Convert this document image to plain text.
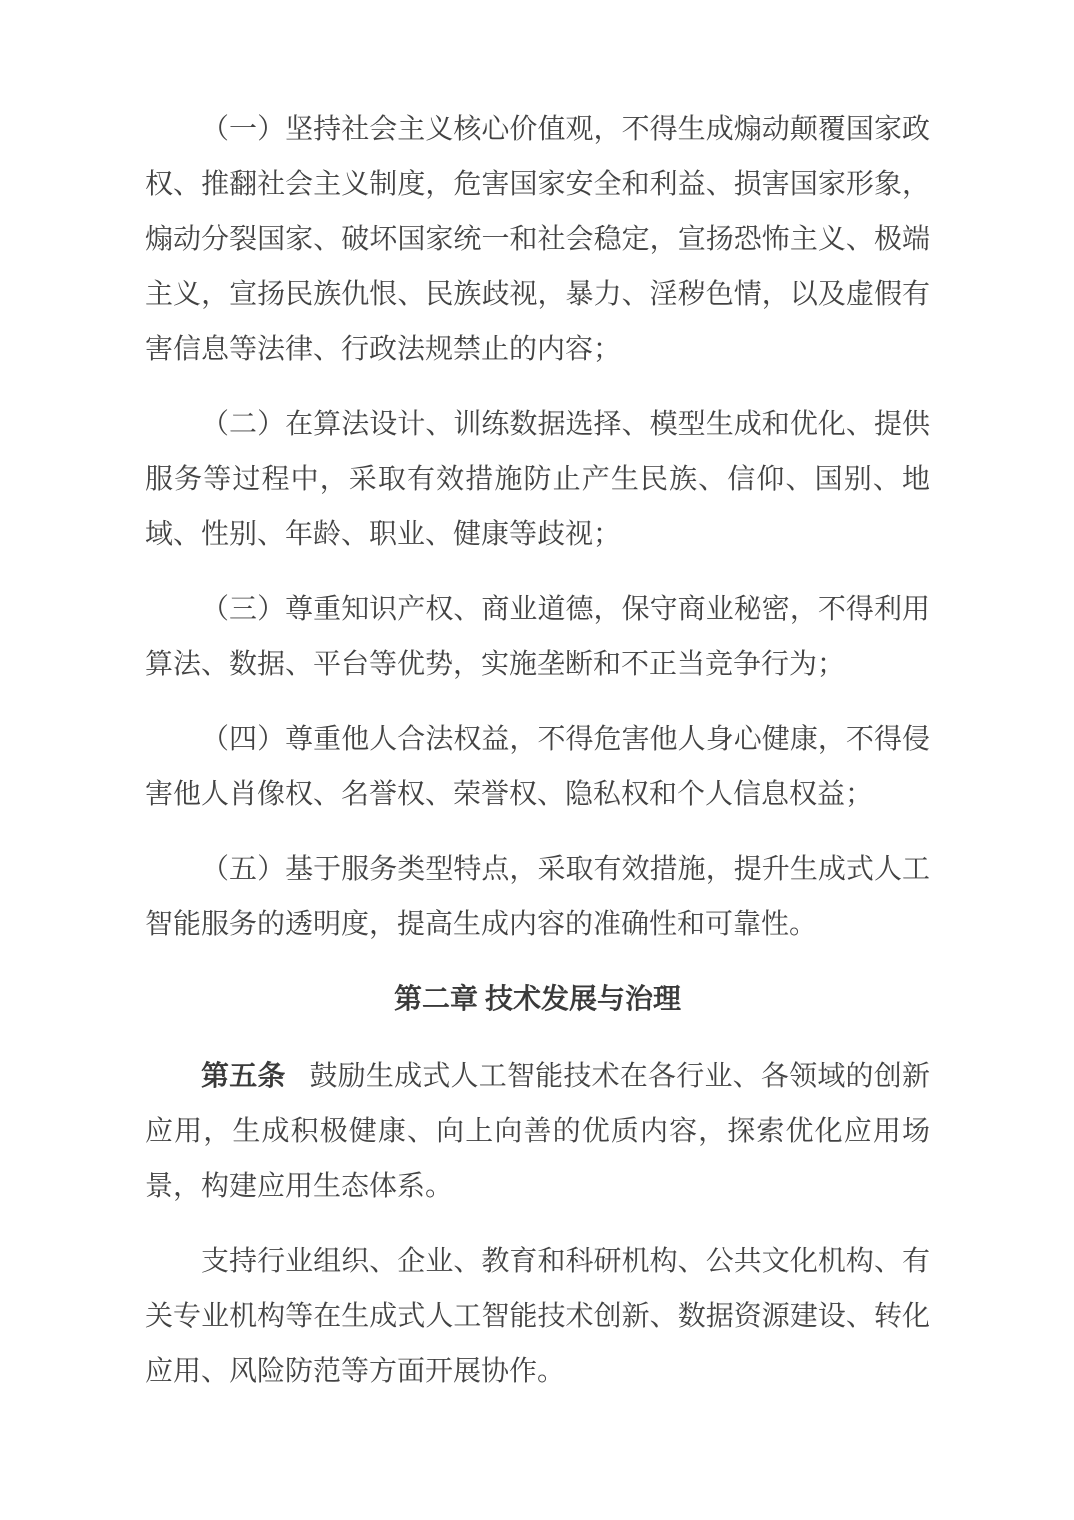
（一）坚持社会主义核心价值观，不得生成煽动颠覆国家政权、推翻社会主义制度，危害国家安全和利益、损害国家形象，煽动分裂国家、破坏国家统一和社会稳定，宣扬恐怖主义、极端主义，宣扬民族仇恨、民族歧视，暴力、淫秽色情，以及虚假有害信息等法律、行政法规禁止的内容；

（二）在算法设计、训练数据选择、模型生成和优化、提供服务等过程中，采取有效措施防止产生民族、信仰、国别、地域、性别、年龄、职业、健康等歧视；

（三）尊重知识产权、商业道德，保守商业秘密，不得利用算法、数据、平台等优势，实施垄断和不正当竞争行为；

（四）尊重他人合法权益，不得危害他人身心健康，不得侵害他人肖像权、名誉权、荣誉权、隐私权和个人信息权益；

（五）基于服务类型特点，采取有效措施，提升生成式人工智能服务的透明度，提高生成内容的准确性和可靠性。

第二章 技术发展与治理

第五条 鼓励生成式人工智能技术在各行业、各领域的创新应用，生成积极健康、向上向善的优质内容，探索优化应用场景，构建应用生态体系。

支持行业组织、企业、教育和科研机构、公共文化机构、有关专业机构等在生成式人工智能技术创新、数据资源建设、转化应用、风险防范等方面开展协作。
